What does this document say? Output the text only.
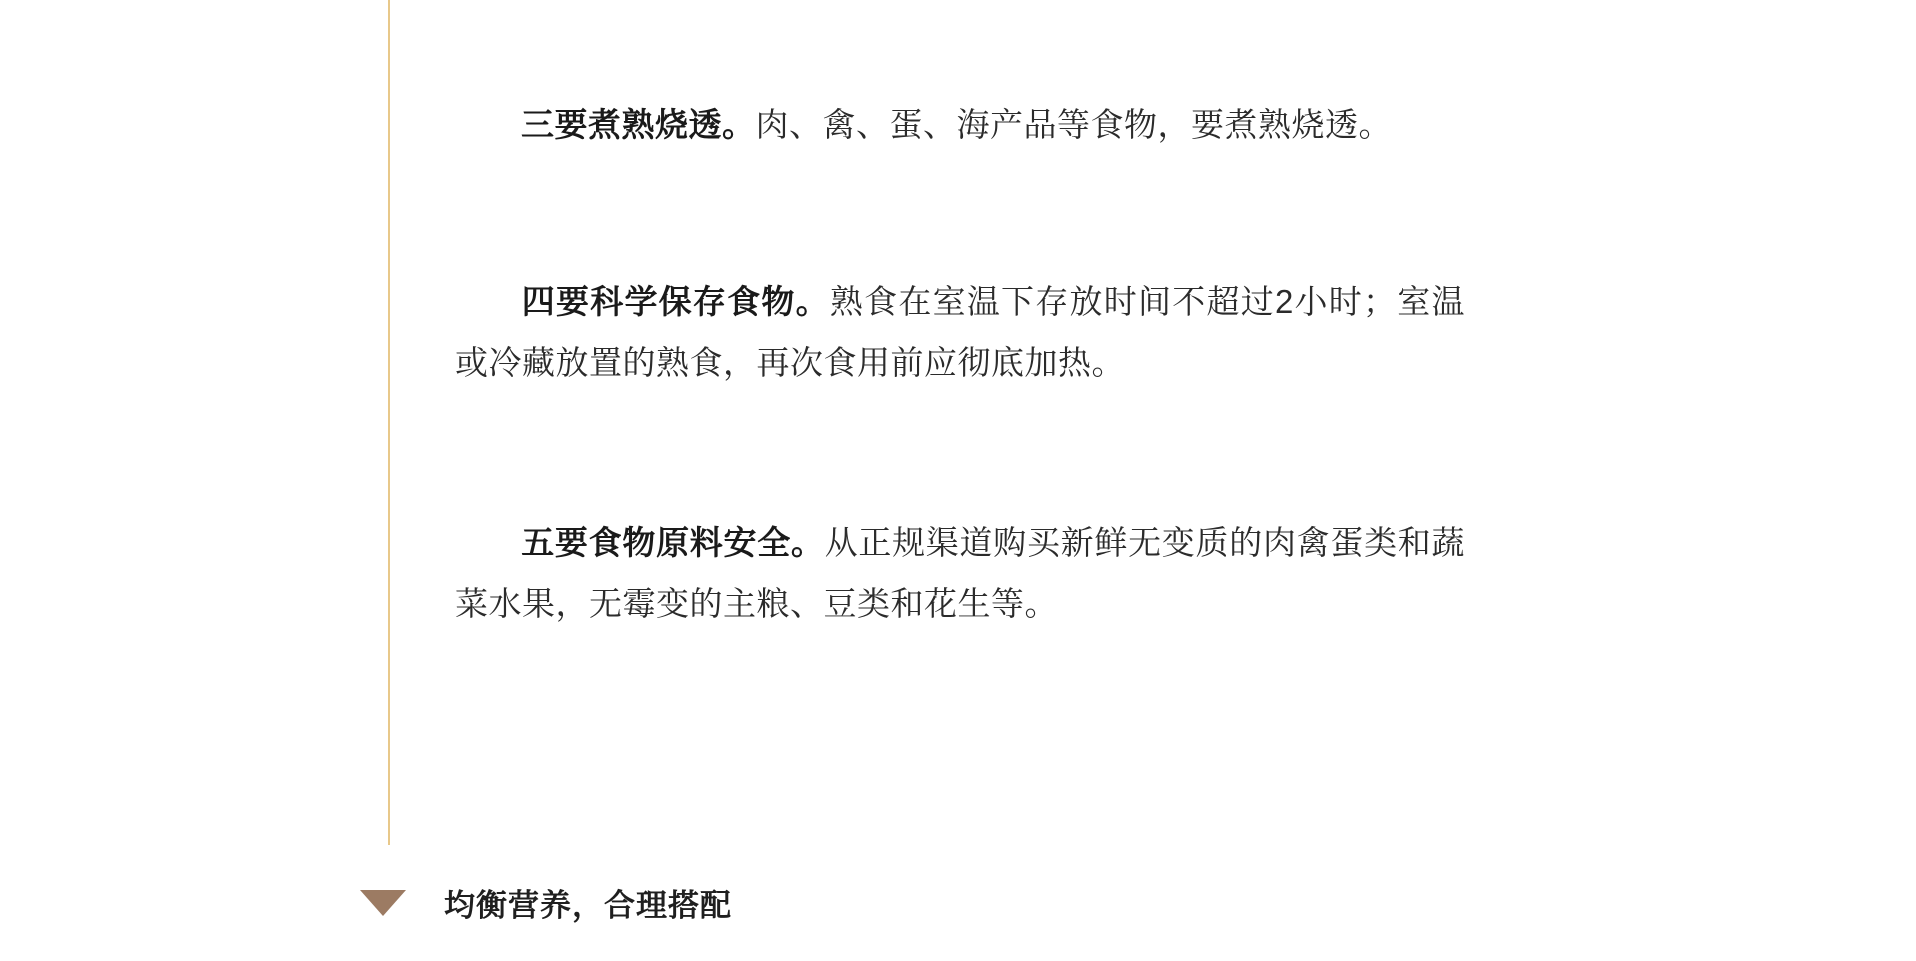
三要煮熟烧透。肉、禽、蛋、海产品等食物，要煮熟烧透。

四要科学保存食物。熟食在室温下存放时间不超过2小时；室温或冷藏放置的熟食，再次食用前应彻底加热。

五要食物原料安全。从正规渠道购买新鲜无变质的肉禽蛋类和蔬菜水果，无霉变的主粮、豆类和花生等。

均衡营养，合理搭配
